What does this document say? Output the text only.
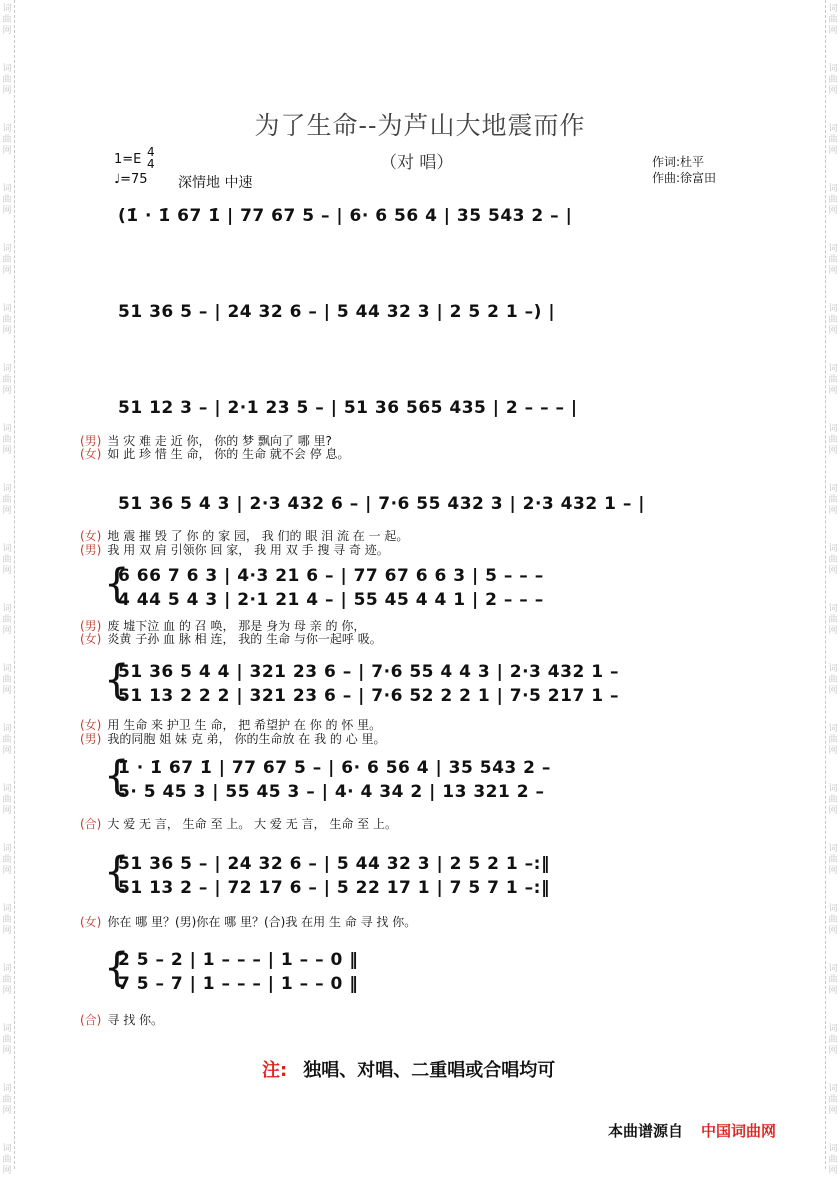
词
曲
网
词
曲
网
词
曲
网
词
曲
网
词
曲
网
词
曲
网
词
曲
网
词
曲
网
词
曲
网
词
曲
网
词
曲
网
词
曲
网
词
曲
网
词
曲
网
词
曲
网
词
曲
网
词
曲
网
词
曲
网
词
曲
网
词
曲
网
词
曲
网
词
曲
网
词
曲
网
词
曲
网
词
曲
网
词
曲
网
词
曲
网
词
曲
网
词
曲
网
词
曲
网
词
曲
网
词
曲
网
词
曲
网
词
曲
网
词
曲
网
词
曲
网
词
曲
网
词
曲
网
词
曲
网
词
曲
网
为了生命--为芦山大地震而作
（对 唱）
1=E 4
4
♩=75 深情地 中速
作词:杜平
作曲:徐富田
(1̇ · 1̇ 67 1̇ | 77 67 5 – | 6· 6 56 4 | 35 543 2 – |
51 36 5 – | 24 32 6 – | 5 44 32 3 | 2 5 2 1 –) |
51 12 3 – | 2·1 23 5 – | 51 36 565 435 | 2 – – – |
(男) 当 灾 难 走 近 你， 你的 梦 飘向了 哪 里?
(女) 如 此 珍 惜 生 命， 你的 生命 就不会 停 息。
51 36 5 4 3 | 2·3 432 6 – | 7·6 55 432 3 | 2·3 432 1 – |
(女) 地 震 摧 毁 了 你 的 家 园， 我 们的 眼 泪 流 在 一 起。
(男) 我 用 双 肩 引领你 回 家， 我 用 双 手 搜 寻 奇 迹。
{
6 66 7 6 3 | 4·3 21 6 – | 77 67 6 6 3 | 5 – – –
4 44 5 4 3 | 2·1 21 4 – | 55 45 4 4 1 | 2 – – –
(男) 废 墟下泣 血 的 召 唤， 那是 身为 母 亲 的 你，
(女) 炎黄 子孙 血 脉 相 连， 我的 生命 与你一起呼 吸。
{
51 36 5 4 4 | 321 23 6 – | 7·6 55 4 4 3 | 2·3 432 1 –
51 13 2 2 2 | 321 23 6 – | 7·6 52 2 2 1 | 7·5 217 1 –
(女) 用 生命 来 护卫 生 命， 把 希望护 在 你 的 怀 里。
(男) 我的同胞 姐 妹 克 弟， 你的生命放 在 我 的 心 里。
{
1̇ · 1̇ 67 1̇ | 77 67 5 – | 6· 6 56 4 | 35 543 2 –
5· 5 45 3 | 55 45 3 – | 4· 4 34 2 | 13 321 2 –
(合) 大 爱 无 言， 生命 至 上。 大 爱 无 言， 生命 至 上。
{
51 36 5 – | 24 32 6 – | 5 44 32 3 | 2 5 2 1 –:‖
51 13 2 – | 72 17 6 – | 5 22 17 1 | 7 5 7 1 –:‖
(女) 你在 哪 里？(男)你在 哪 里？(合)我 在用 生 命 寻 找 你。
{
2 5 – 2 | 1 – – – | 1 – – 0 ‖
7 5 – 7 | 1 – – – | 1 – – 0 ‖
(合) 寻 找 你。
注: 独唱、对唱、二重唱或合唱均可
本曲谱源自 中国词曲网
